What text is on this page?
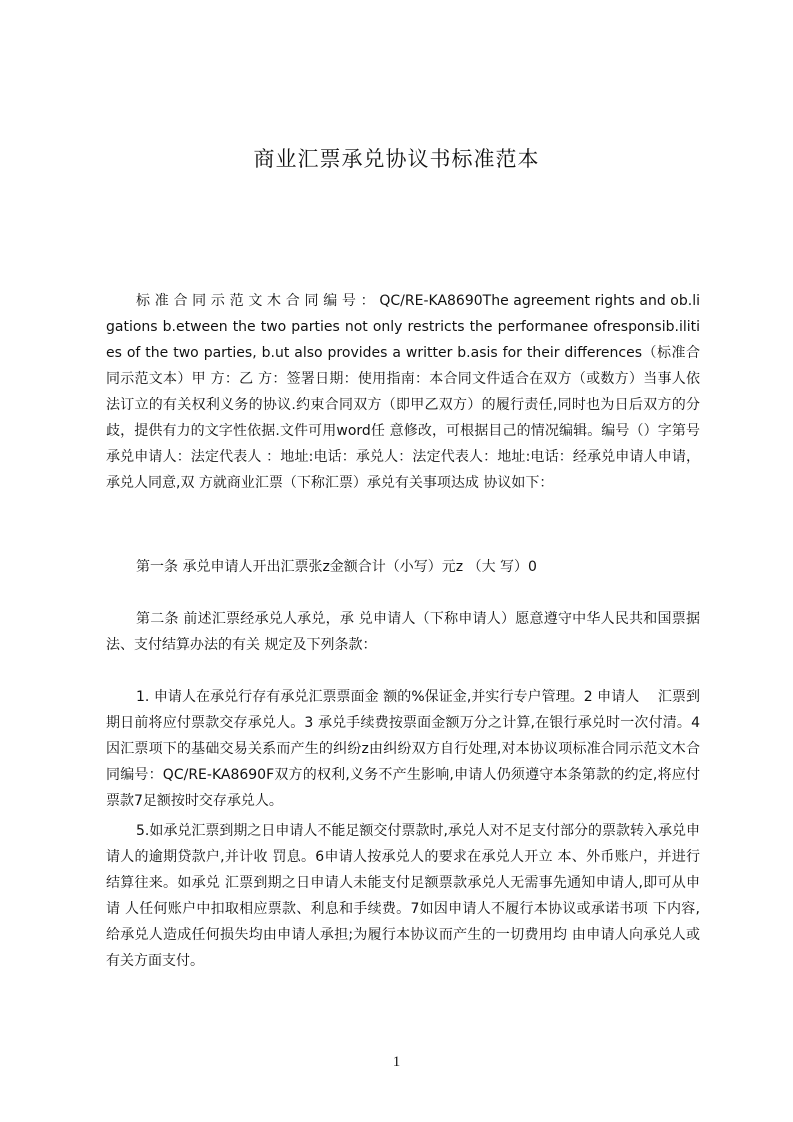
商业汇票承兑协议书标准范本

标 准 合 同 示 范 文 木 合 同 编 号 ： QC/RE-KA8690The agreement rights and ob.ligations b.etween the two parties not only restricts the performanee ofresponsib.ilities of the two parties, b.ut also provides a writter b.asis for their differences（标准合同示范文本）甲 方：乙 方：签署日期：使用指南：本合同文件适合在双方（或数方）当事人依法订立的有关权利义务的协议.约束合同双方（即甲乙双方）的履行责任,同时也为日后双方的分歧，提供有力的文字性依据.文件可用word任 意修改，可根据目己的情况编辑。编号（）字第号承兑申请人：法定代表人 ：地址:电话：承兑人：法定代表人：地址:电话：经承兑申请人申请，承兑人同意,双 方就商业汇票（下称汇票）承兑有关事项达成 协议如下：

第一条 承兑申请人开出汇票张z金额合计（小写）元z （大 写）0

第二条 前述汇票经承兑人承兑，承 兑申请人（下称申请人）愿意遵守中华人民共和国票据法、支付结算办法的有关 规定及下列条款：

1. 申请人在承兑行存有承兑汇票票面金 额的%保证金,并实行专户管理。2 申请人　 汇票到期日前将应付票款交存承兑人。3 承兑手续费按票面金额万分之计算,在银行承兑时一次付清。4 因汇票项下的基础交易关系而产生的纠纷z由纠纷双方自行处理,对本协议项标准合同示范文木合同编号：QC/RE-KA8690F双方的权利,义务不产生影响,申请人仍须遵守本条第款的约定,将应付票款7足额按时交存承兑人。

5.如承兑汇票到期之日申请人不能足额交付票款时,承兑人对不足支付部分的票款转入承兑申请人的逾期贷款户,并计收 罚息。6申请人按承兑人的要求在承兑人开立 本、外币账户，并进行结算往来。如承兑 汇票到期之日申请人未能支付足额票款承兑人无需事先通知申请人,即可从申请 人任何账户中扣取相应票款、利息和手续费。7如因申请人不履行本协议或承诺书项 下内容,给承兑人造成任何损失均由申请人承担;为履行本协议而产生的一切费用均 由申请人向承兑人或有关方面支付。

1
